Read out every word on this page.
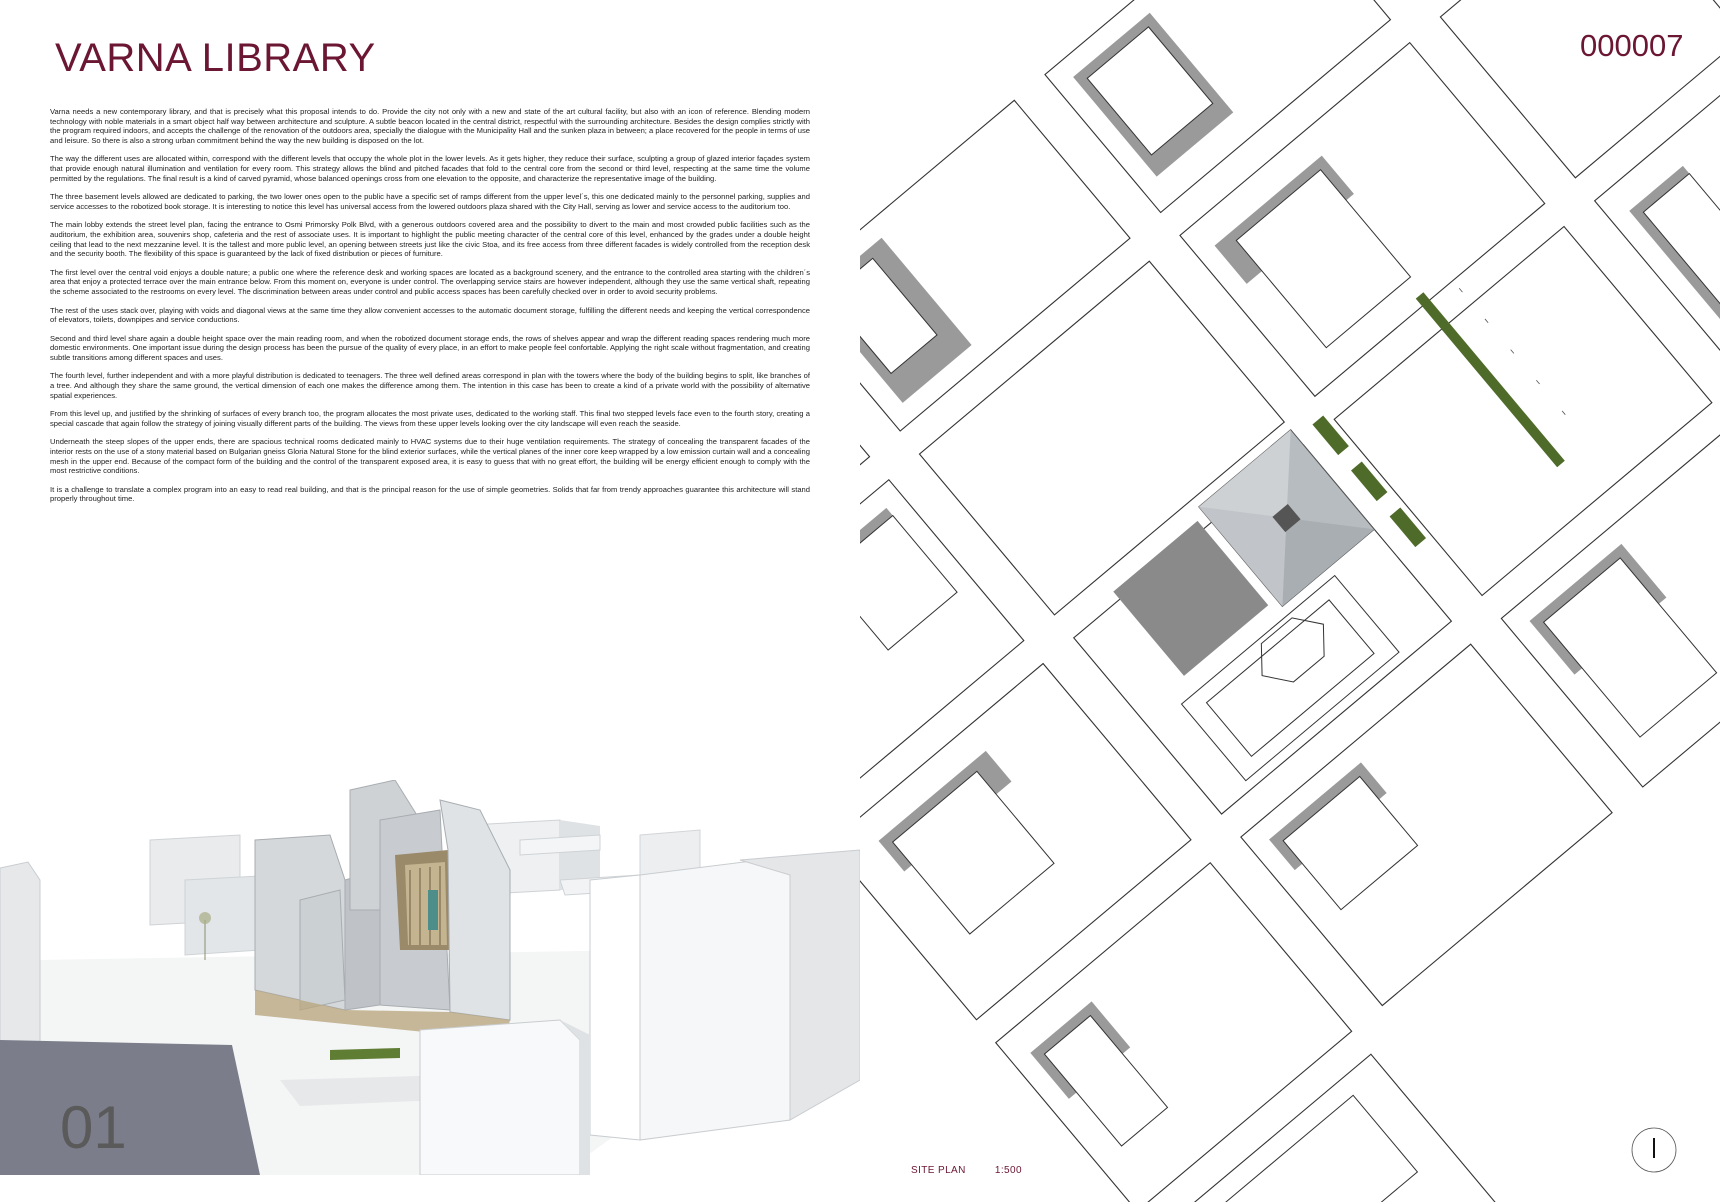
VARNA LIBRARY

Varna needs a new contemporary library, and that is precisely what this proposal intends to do. Provide the city not only with a new and state of the art cultural facility, but also with an icon of reference. Blending modern technology with noble materials in a smart object half way between architecture and sculpture. A subtle beacon located in the central district, respectful with the surrounding architecture. Besides the design complies strictly with the program required indoors, and accepts the challenge of the renovation of the outdoors area, specially the dialogue with the Municipality Hall and the sunken plaza in between; a place recovered for the people in terms of use and leisure. So there is also a strong urban commitment behind the way the new building is disposed on the lot.

The way the different uses are allocated within, correspond with the different levels that occupy the whole plot in the lower levels. As it gets higher, they reduce their surface, sculpting a group of glazed interior façades system that provide enough natural illumination and ventilation for every room. This strategy allows the blind and pitched facades that fold to the central core from the second or third level, respecting at the same time the volume permitted by the regulations. The final result is a kind of carved pyramid, whose balanced openings cross from one elevation to the opposite, and characterize the representative image of the building.

The three basement levels allowed are dedicated to parking, the two lower ones open to the public have a specific set of ramps different from the upper level´s, this one dedicated mainly to the personnel parking, supplies and service accesses to the robotized book storage. It is interesting to notice this level has universal access from the lowered outdoors plaza shared with the City Hall, serving as lower and service access to the auditorium too.

The main lobby extends the street level plan, facing the entrance to Osmi Primorsky Polk Blvd, with a generous outdoors covered area and the possibility to divert to the main and most crowded public facilities such as the auditorium, the exhibition area, souvenirs shop, cafeteria and the rest of associate uses. It is important to highlight the public meeting character of the central core of this level, enhanced by the grades under a double height ceiling that lead to the next mezzanine level. It is the tallest and more public level, an opening between streets just like the civic Stoa, and its free access from three different facades is widely controlled from the reception desk and the security booth. The flexibility of this space is guaranteed by the lack of fixed distribution or pieces of furniture.

The first level over the central void enjoys a double nature; a public one where the reference desk and working spaces are located as a background scenery, and the entrance to the controlled area starting with the children´s area that enjoy a protected terrace over the main entrance below. From this moment on, everyone is under control. The overlapping service stairs are however independent, although they use the same vertical shaft, repeating the scheme associated to the restrooms on every level. The discrimination between areas under control and public access spaces has been carefully checked over in order to avoid security problems.

The rest of the uses stack over, playing with voids and diagonal views at the same time they allow convenient accesses to the automatic document storage, fulfilling the different needs and keeping the vertical correspondence of elevators, toilets, downpipes and service conductions.

Second and third level share again a double height space over the main reading room, and when the robotized document storage ends, the rows of shelves appear and wrap the different reading spaces rendering much more domestic environments. One important issue during the design process has been the pursue of the quality of every place, in an effort to make people feel confortable. Applying the right scale without fragmentation, and creating subtle transitions among different spaces and uses.

The fourth level, further independent and with a more playful distribution is dedicated to teenagers. The three well defined areas correspond in plan with the towers where the body of the building begins to split, like branches of a tree. And although they share the same ground, the vertical dimension of each one makes the difference among them. The intention in this case has been to create a kind of a private world with the possibility of alternative spatial experiences.

From this level up, and justified by the shrinking of surfaces of every branch too, the program allocates the most private uses, dedicated to the working staff. This final two stepped levels face even to the fourth story, creating a special cascade that again follow the strategy of joining visually different parts of the building. The views from these upper levels looking over the city landscape will even reach the seaside.

Underneath the steep slopes of the upper ends, there are spacious technical rooms dedicated mainly to HVAC systems due to their huge ventilation requirements. The strategy of concealing the transparent facades of the interior rests on the use of a stony material based on Bulgarian gneiss Gloria Natural Stone for the blind exterior surfaces, while the vertical planes of the inner core keep wrapped by a low emission curtain wall and a concealing mesh in the upper end. Because of the compact form of the building and the control of the transparent exposed area, it is easy to guess that with no great effort, the building will be energy efficient enough to comply with the most restrictive conditions.

It is a challenge to translate a complex program into an easy to read real building, and that is the principal reason for the use of simple geometries. Solids that far from trendy approaches guarantee this architecture will stand properly throughout time.

01

000007

SITE PLAN	1:500
